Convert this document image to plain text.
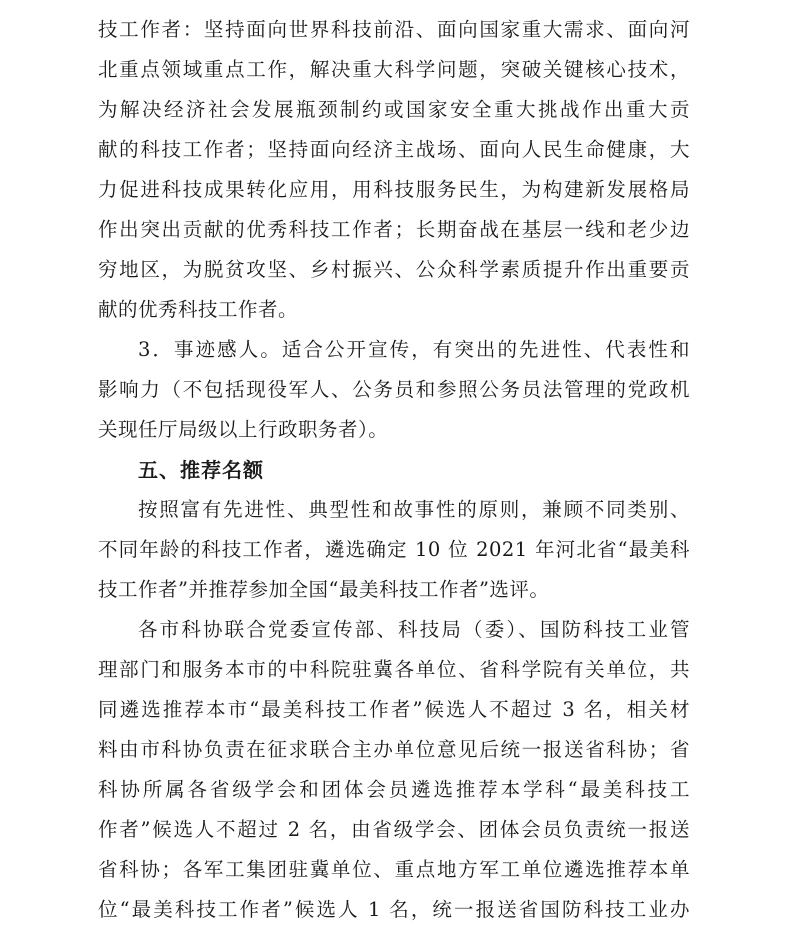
技工作者：坚持面向世界科技前沿、面向国家重大需求、面向河
北重点领域重点工作，解决重大科学问题，突破关键核心技术，
为解决经济社会发展瓶颈制约或国家安全重大挑战作出重大贡
献的科技工作者；坚持面向经济主战场、面向人民生命健康，大
力促进科技成果转化应用，用科技服务民生，为构建新发展格局
作出突出贡献的优秀科技工作者；长期奋战在基层一线和老少边
穷地区，为脱贫攻坚、乡村振兴、公众科学素质提升作出重要贡
献的优秀科技工作者。
3．事迹感人。适合公开宣传，有突出的先进性、代表性和
影响力（不包括现役军人、公务员和参照公务员法管理的党政机
关现任厅局级以上行政职务者）。
五、推荐名额
按照富有先进性、典型性和故事性的原则，兼顾不同类别、
不同年龄的科技工作者，遴选确定 10 位 2021 年河北省“最美科
技工作者”并推荐参加全国“最美科技工作者”选评。
各市科协联合党委宣传部、科技局（委）、国防科技工业管
理部门和服务本市的中科院驻冀各单位、省科学院有关单位，共
同遴选推荐本市“最美科技工作者”候选人不超过 3 名，相关材
料由市科协负责在征求联合主办单位意见后统一报送省科协；省
科协所属各省级学会和团体会员遴选推荐本学科“最美科技工
作者”候选人不超过 2 名，由省级学会、团体会员负责统一报送
省科协；各军工集团驻冀单位、重点地方军工单位遴选推荐本单
位“最美科技工作者”候选人 1 名，统一报送省国防科技工业办
